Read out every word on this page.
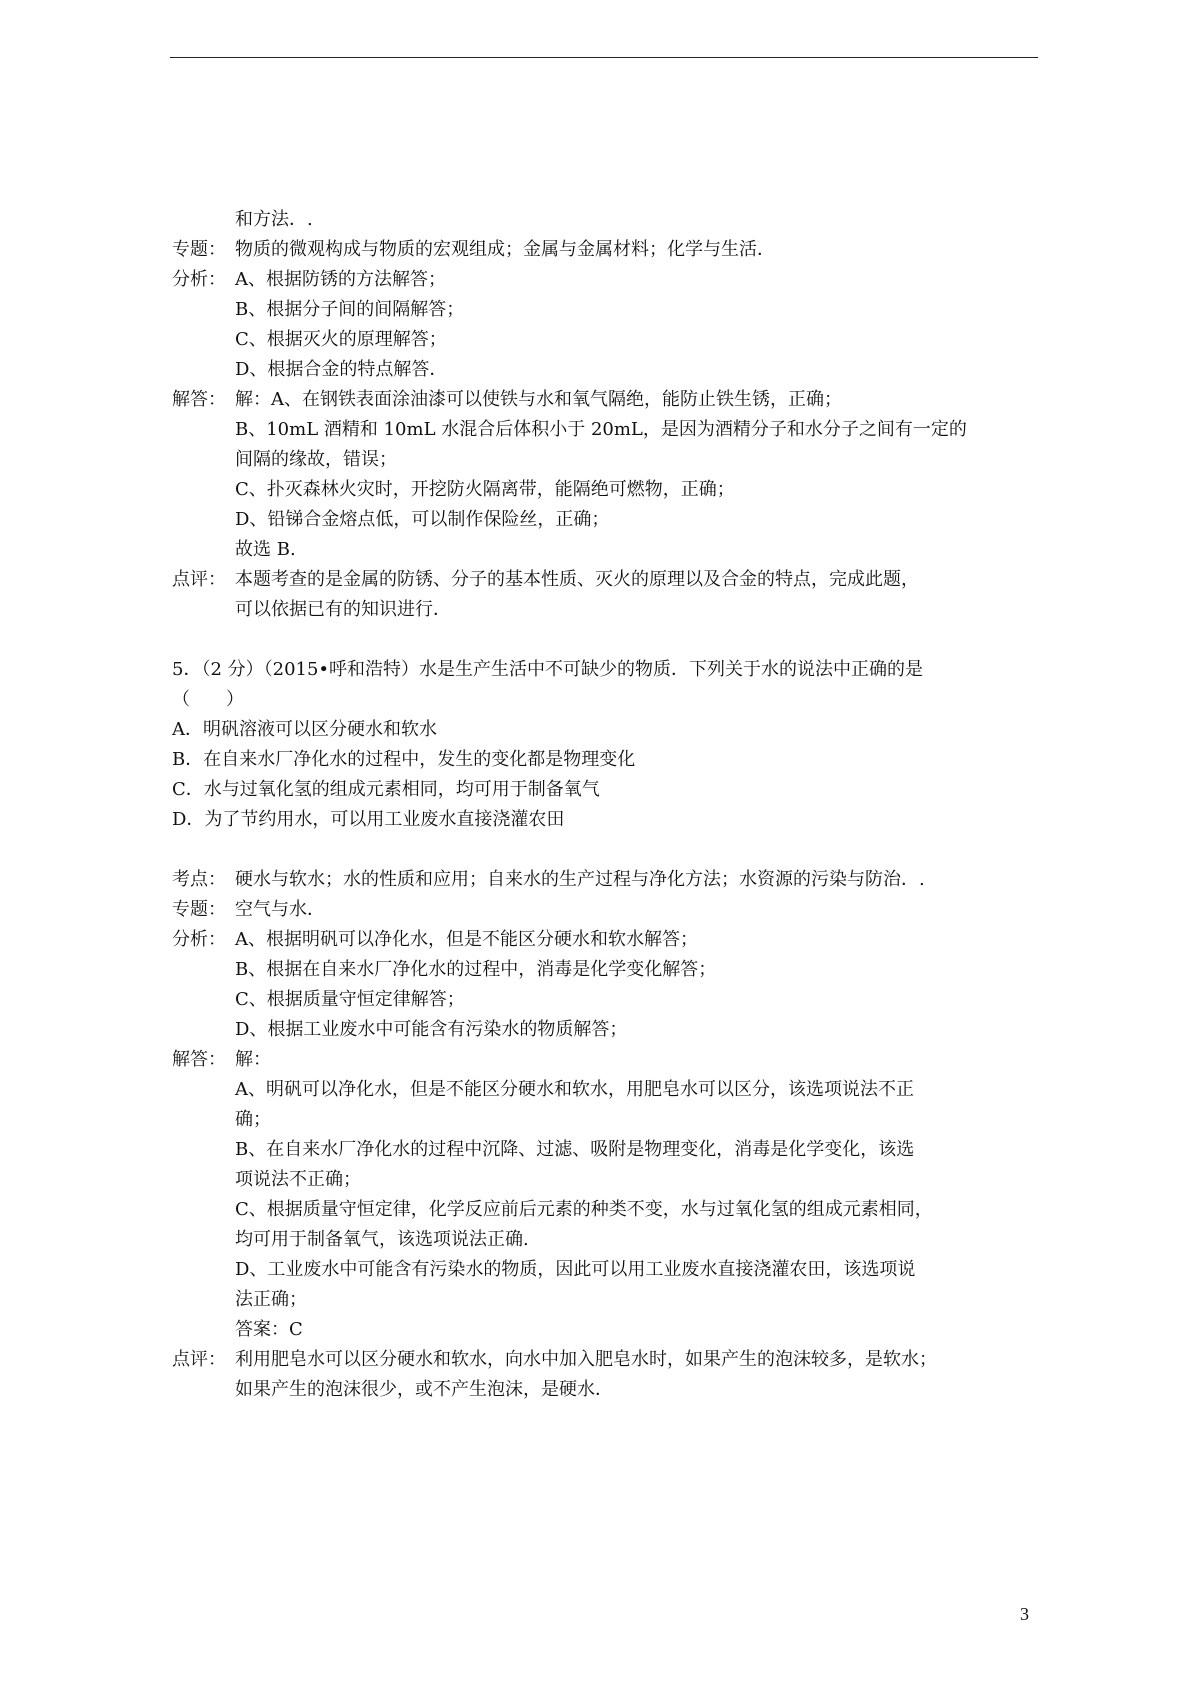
和方法．.
专题： 物质的微观构成与物质的宏观组成；金属与金属材料；化学与生活．
分析： A、根据防锈的方法解答；
B、根据分子间的间隔解答；
C、根据灭火的原理解答；
D、根据合金的特点解答．
解答： 解：A、在钢铁表面涂油漆可以使铁与水和氧气隔绝，能防止铁生锈，正确；
B、10mL 酒精和 10mL 水混合后体积小于 20mL，是因为酒精分子和水分子之间有一定的
间隔的缘故，错误；
C、扑灭森林火灾时，开挖防火隔离带，能隔绝可燃物，正确；
D、铅锑合金熔点低，可以制作保险丝，正确；
故选 B.
点评： 本题考查的是金属的防锈、分子的基本性质、灭火的原理以及合金的特点，完成此题，
可以依据已有的知识进行．
5．（2 分）（2015•呼和浩特）水是生产生活中不可缺少的物质．下列关于水的说法中正确的是
（　　）
A．明矾溶液可以区分硬水和软水
B．在自来水厂净化水的过程中，发生的变化都是物理变化
C．水与过氧化氢的组成元素相同，均可用于制备氧气
D．为了节约用水，可以用工业废水直接浇灌农田
考点： 硬水与软水；水的性质和应用；自来水的生产过程与净化方法；水资源的污染与防治．.
专题： 空气与水．
分析： A、根据明矾可以净化水，但是不能区分硬水和软水解答；
B、根据在自来水厂净化水的过程中，消毒是化学变化解答；
C、根据质量守恒定律解答；
D、根据工业废水中可能含有污染水的物质解答；
解答： 解：
A、明矾可以净化水，但是不能区分硬水和软水，用肥皂水可以区分，该选项说法不正
确；
B、在自来水厂净化水的过程中沉降、过滤、吸附是物理变化，消毒是化学变化，该选
项说法不正确；
C、根据质量守恒定律，化学反应前后元素的种类不变，水与过氧化氢的组成元素相同，
均可用于制备氧气，该选项说法正确.
D、工业废水中可能含有污染水的物质，因此可以用工业废水直接浇灌农田，该选项说
法正确；
答案：C
点评： 利用肥皂水可以区分硬水和软水，向水中加入肥皂水时，如果产生的泡沫较多，是软水；
如果产生的泡沫很少，或不产生泡沫，是硬水．
3
